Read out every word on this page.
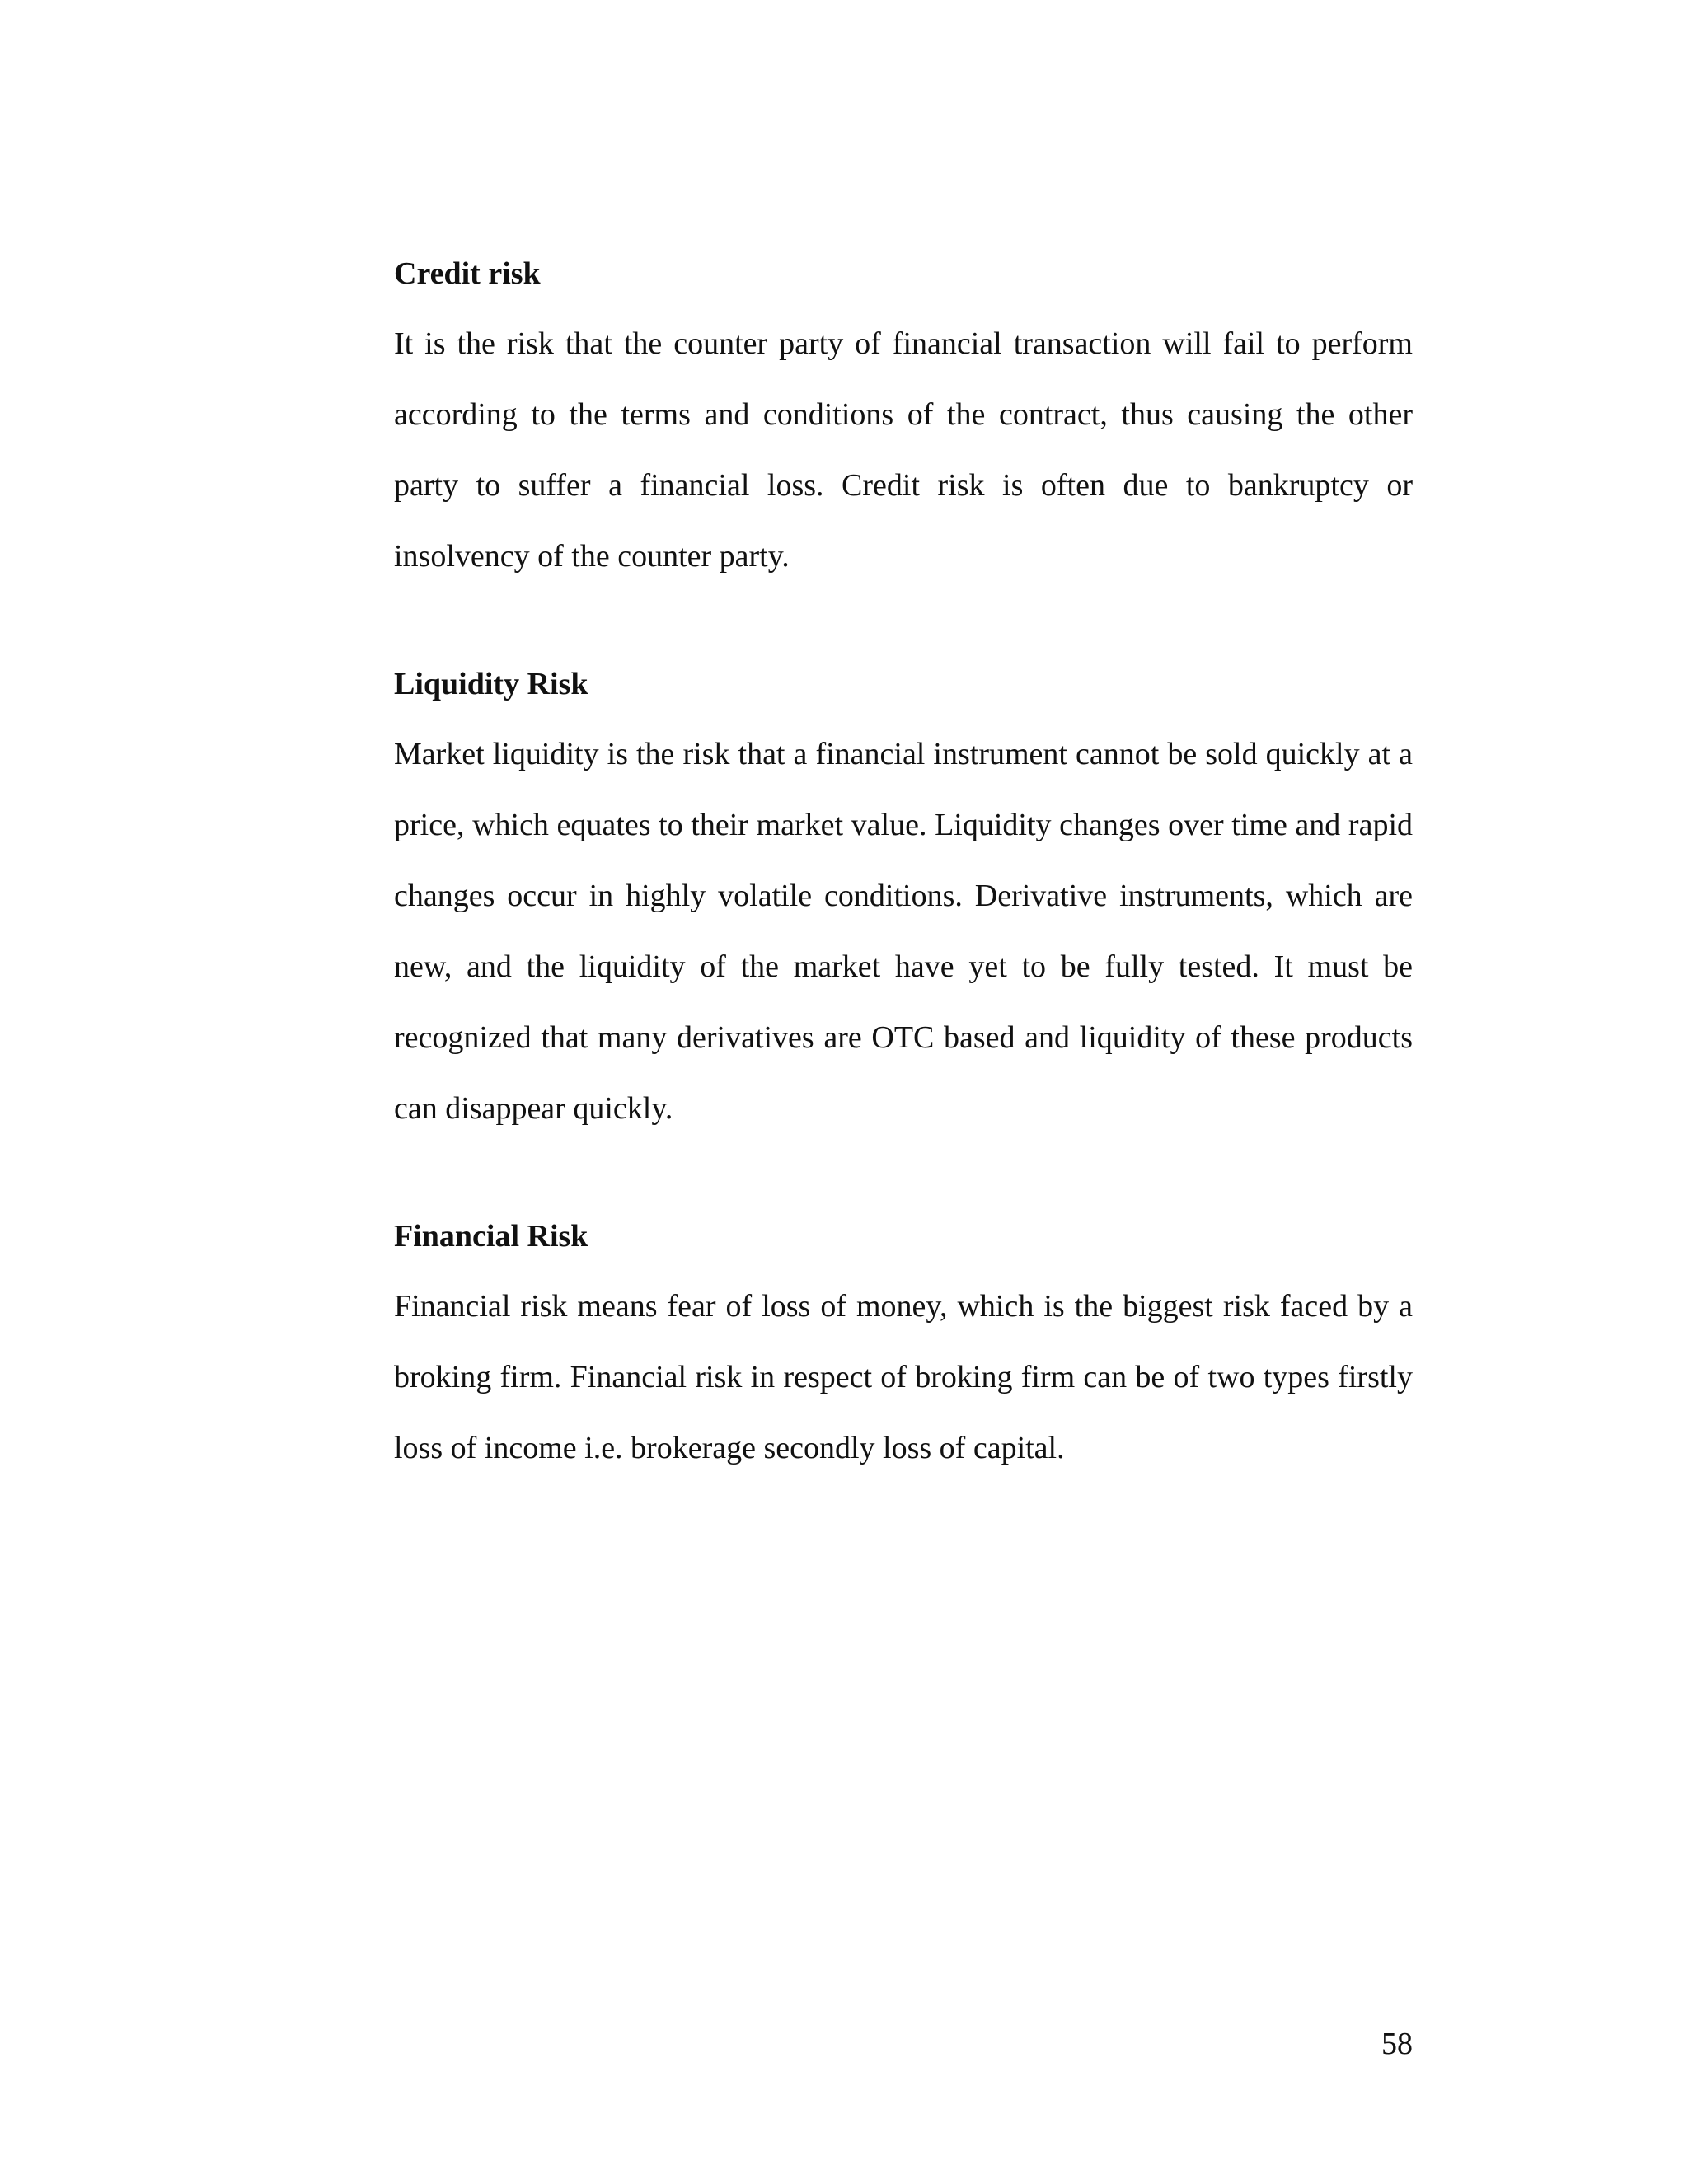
Credit risk

It is the risk that the counter party of financial transaction will fail to perform according to the terms and conditions of the contract, thus causing the other party to suffer a financial loss. Credit risk is often due to bankruptcy or insolvency of the counter party.

Liquidity Risk

Market liquidity is the risk that a financial instrument cannot be sold quickly at a price, which equates to their market value. Liquidity changes over time and rapid changes occur in highly volatile conditions. Derivative instruments, which are new, and the liquidity of the market have yet to be fully tested. It must be recognized that many derivatives are OTC based and liquidity of these products can disappear quickly.

Financial Risk

Financial risk means fear of loss of money, which is the biggest risk faced by a broking firm. Financial risk in respect of broking firm can be of two types firstly loss of income i.e. brokerage secondly loss of capital.

58
